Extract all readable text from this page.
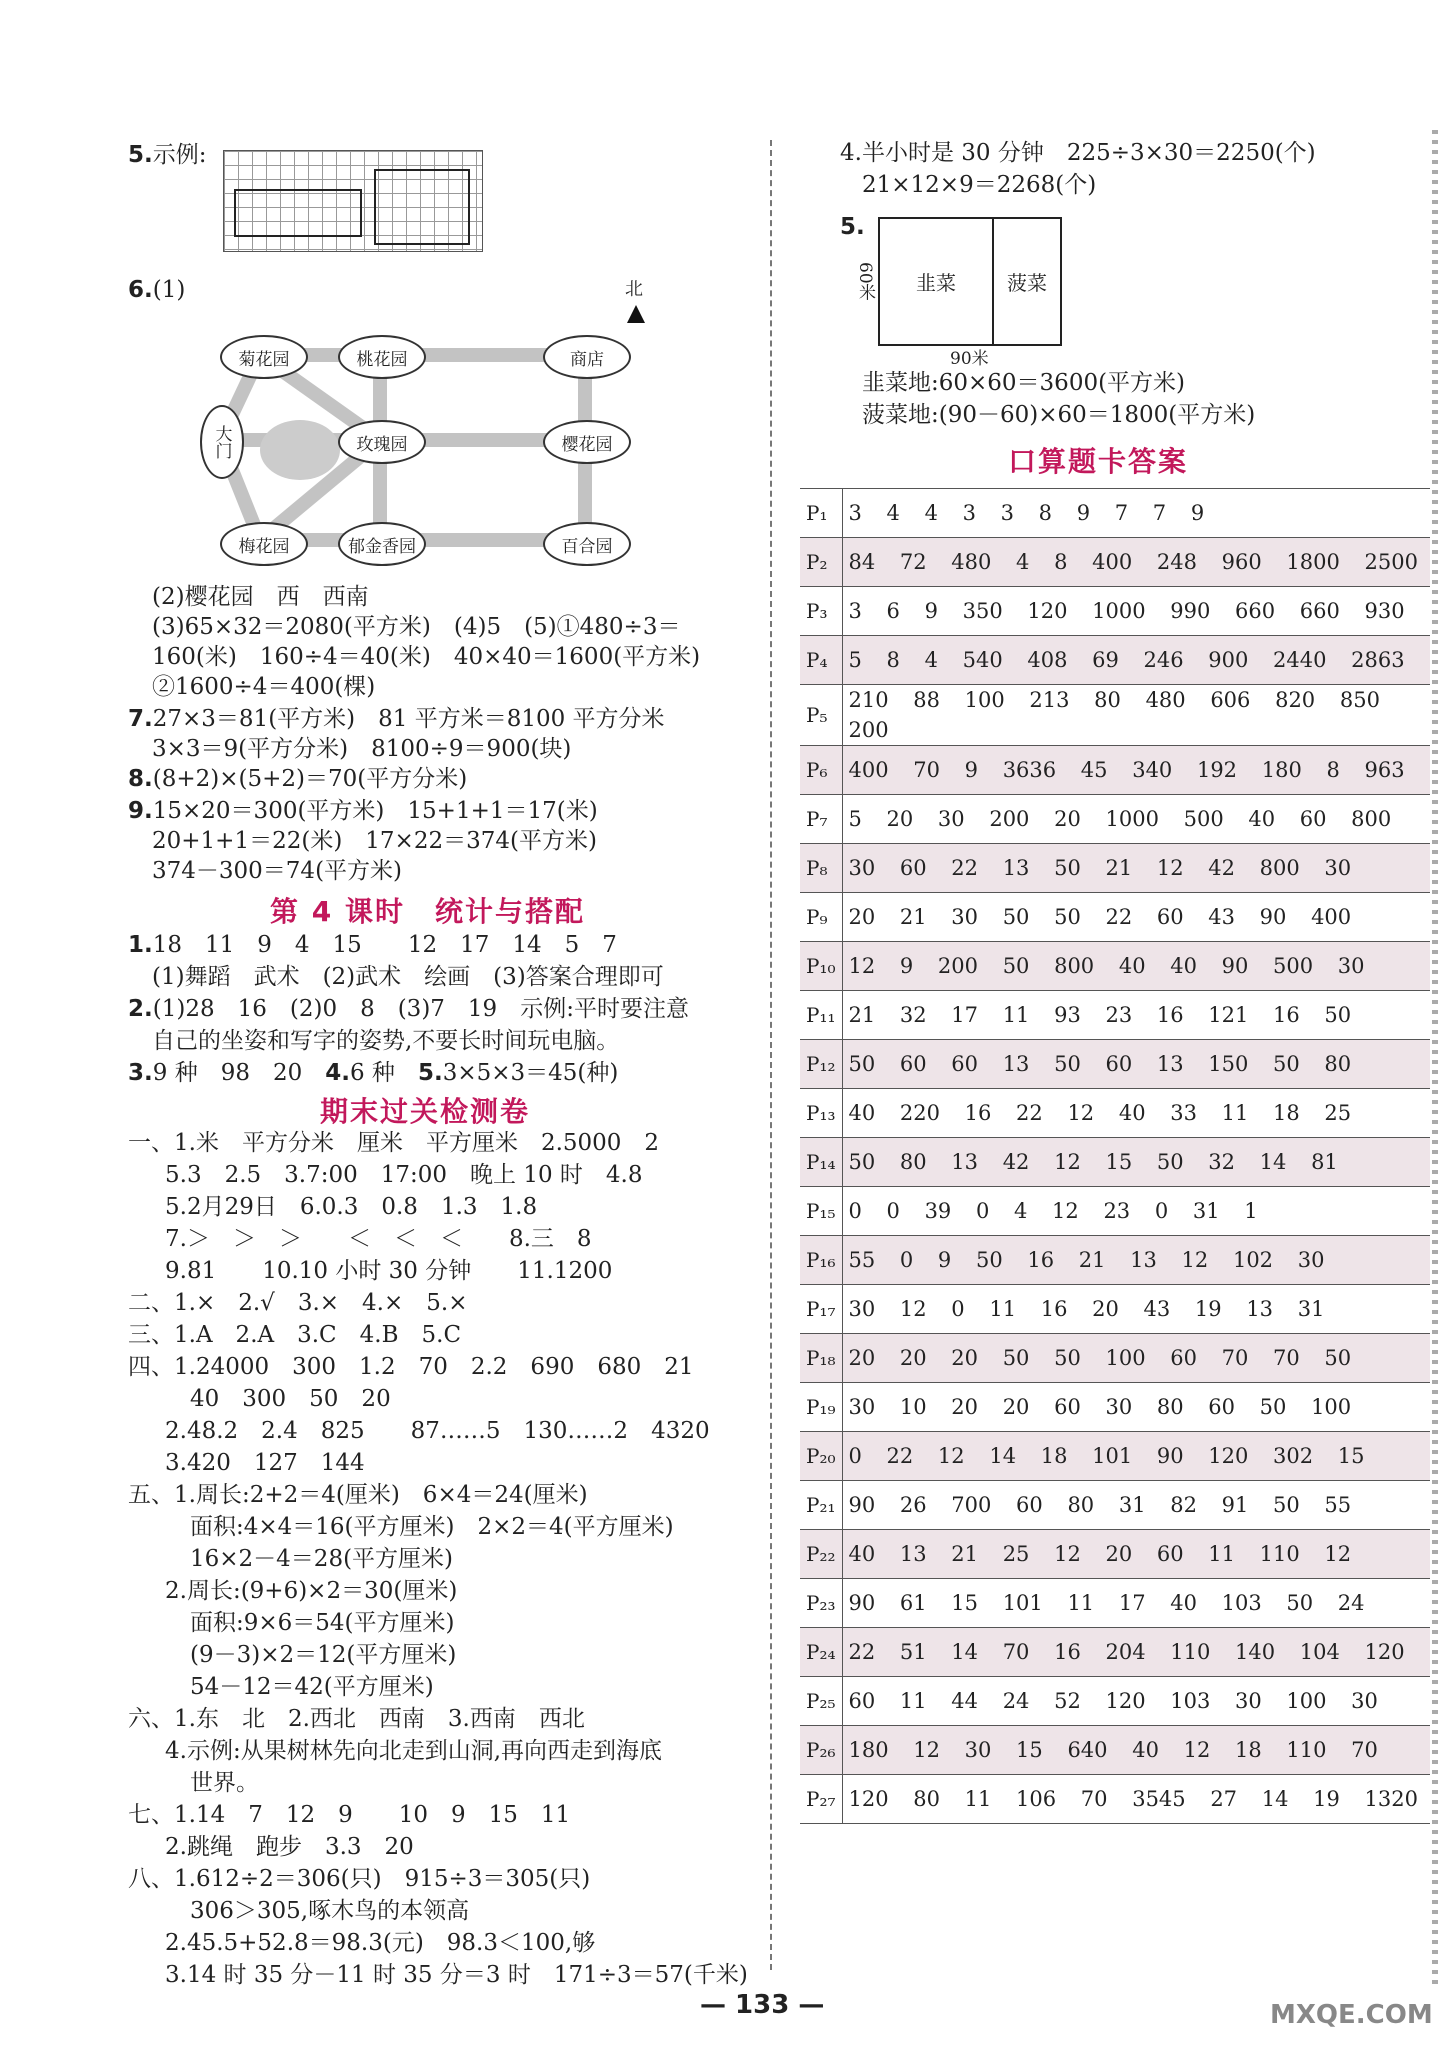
5.示例:
6.(1)	北
菊花园	桃花园	商店
大门	玫瑰园	樱花园
梅花园	郁金香园	百合园
(2)樱花园　西　西南
(3)65×32＝2080(平方米)　(4)5　(5)①480÷3＝
160(米)　160÷4＝40(米)　40×40＝1600(平方米)
②1600÷4＝400(棵)
7.27×3＝81(平方米)　81 平方米＝8100 平方分米
3×3＝9(平方分米)　8100÷9＝900(块)
8.(8+2)×(5+2)＝70(平方分米)
9.15×20＝300(平方米)　15+1+1＝17(米)
20+1+1＝22(米)　17×22＝374(平方米)
374－300＝74(平方米)
第 4 课时　统计与搭配
1.18　11　9　4　15　　12　17　14　5　7
(1)舞蹈　武术　(2)武术　绘画　(3)答案合理即可
2.(1)28　16　(2)0　8　(3)7　19　示例:平时要注意
自己的坐姿和写字的姿势,不要长时间玩电脑。
3.9 种　98　20　4.6 种　5.3×5×3＝45(种)
期末过关检测卷
一、1.米　平方分米　厘米　平方厘米　2.5000　2
5.3　2.5　3.7:00　17:00　晚上 10 时　4.8
5.2月29日　6.0.3　0.8　1.3　1.8
7.＞　＞　＞　　＜　＜　＜　　8.三　8
9.81　　10.10 小时 30 分钟　　11.1200
二、1.×　2.√　3.×　4.×　5.×
三、1.A　2.A　3.C　4.B　5.C
四、1.24000　300　1.2　70　2.2　690　680　21
40　300　50　20
2.48.2　2.4　825　　87……5　130……2　4320
3.420　127　144
五、1.周长:2+2＝4(厘米)　6×4＝24(厘米)
面积:4×4＝16(平方厘米)　2×2＝4(平方厘米)
16×2－4＝28(平方厘米)
2.周长:(9+6)×2＝30(厘米)
面积:9×6＝54(平方厘米)
(9－3)×2＝12(平方厘米)
54－12＝42(平方厘米)
六、1.东　北　2.西北　西南　3.西南　西北
4.示例:从果树林先向北走到山洞,再向西走到海底
世界。
七、1.14　7　12　9　　10　9　15　11
2.跳绳　跑步　3.3　20
八、1.612÷2＝306(只)　915÷3＝305(只)
306＞305,啄木鸟的本领高
2.45.5+52.8＝98.3(元)　98.3＜100,够
3.14 时 35 分－11 时 35 分＝3 时　171÷3＝57(千米)
4.半小时是 30 分钟　225÷3×30＝2250(个)
21×12×9＝2268(个)
5.
韭菜	菠菜
60米
90米
韭菜地:60×60＝3600(平方米)
菠菜地:(90－60)×60＝1800(平方米)
口算题卡答案
P₁	3 4 4 3 3 8 9 7 7 9
P₂	84 72 480 4 8 400 248 960 1800 2500
P₃	3 6 9 350 120 1000 990 660 660 930
P₄	5 8 4 540 408 69 246 900 2440 2863
P₅	210 88 100 213 80 480 606 820 850 200
P₆	400 70 9 3636 45 340 192 180 8 963
P₇	5 20 30 200 20 1000 500 40 60 800
P₈	30 60 22 13 50 21 12 42 800 30
P₉	20 21 30 50 50 22 60 43 90 400
P₁₀	12 9 200 50 800 40 40 90 500 30
P₁₁	21 32 17 11 93 23 16 121 16 50
P₁₂	50 60 60 13 50 60 13 150 50 80
P₁₃	40 220 16 22 12 40 33 11 18 25
P₁₄	50 80 13 42 12 15 50 32 14 81
P₁₅	0 0 39 0 4 12 23 0 31 1
P₁₆	55 0 9 50 16 21 13 12 102 30
P₁₇	30 12 0 11 16 20 43 19 13 31
P₁₈	20 20 20 50 50 100 60 70 70 50
P₁₉	30 10 20 20 60 30 80 60 50 100
P₂₀	0 22 12 14 18 101 90 120 302 15
P₂₁	90 26 700 60 80 31 82 91 50 55
P₂₂	40 13 21 25 12 20 60 11 110 12
P₂₃	90 61 15 101 11 17 40 103 50 24
P₂₄	22 51 14 70 16 204 110 140 104 120
P₂₅	60 11 44 24 52 120 103 30 100 30
P₂₆	180 12 30 15 640 40 12 18 110 70
P₂₇	120 80 11 106 70 3545 27 14 19 1320
— 133 —	MXQE.COM
